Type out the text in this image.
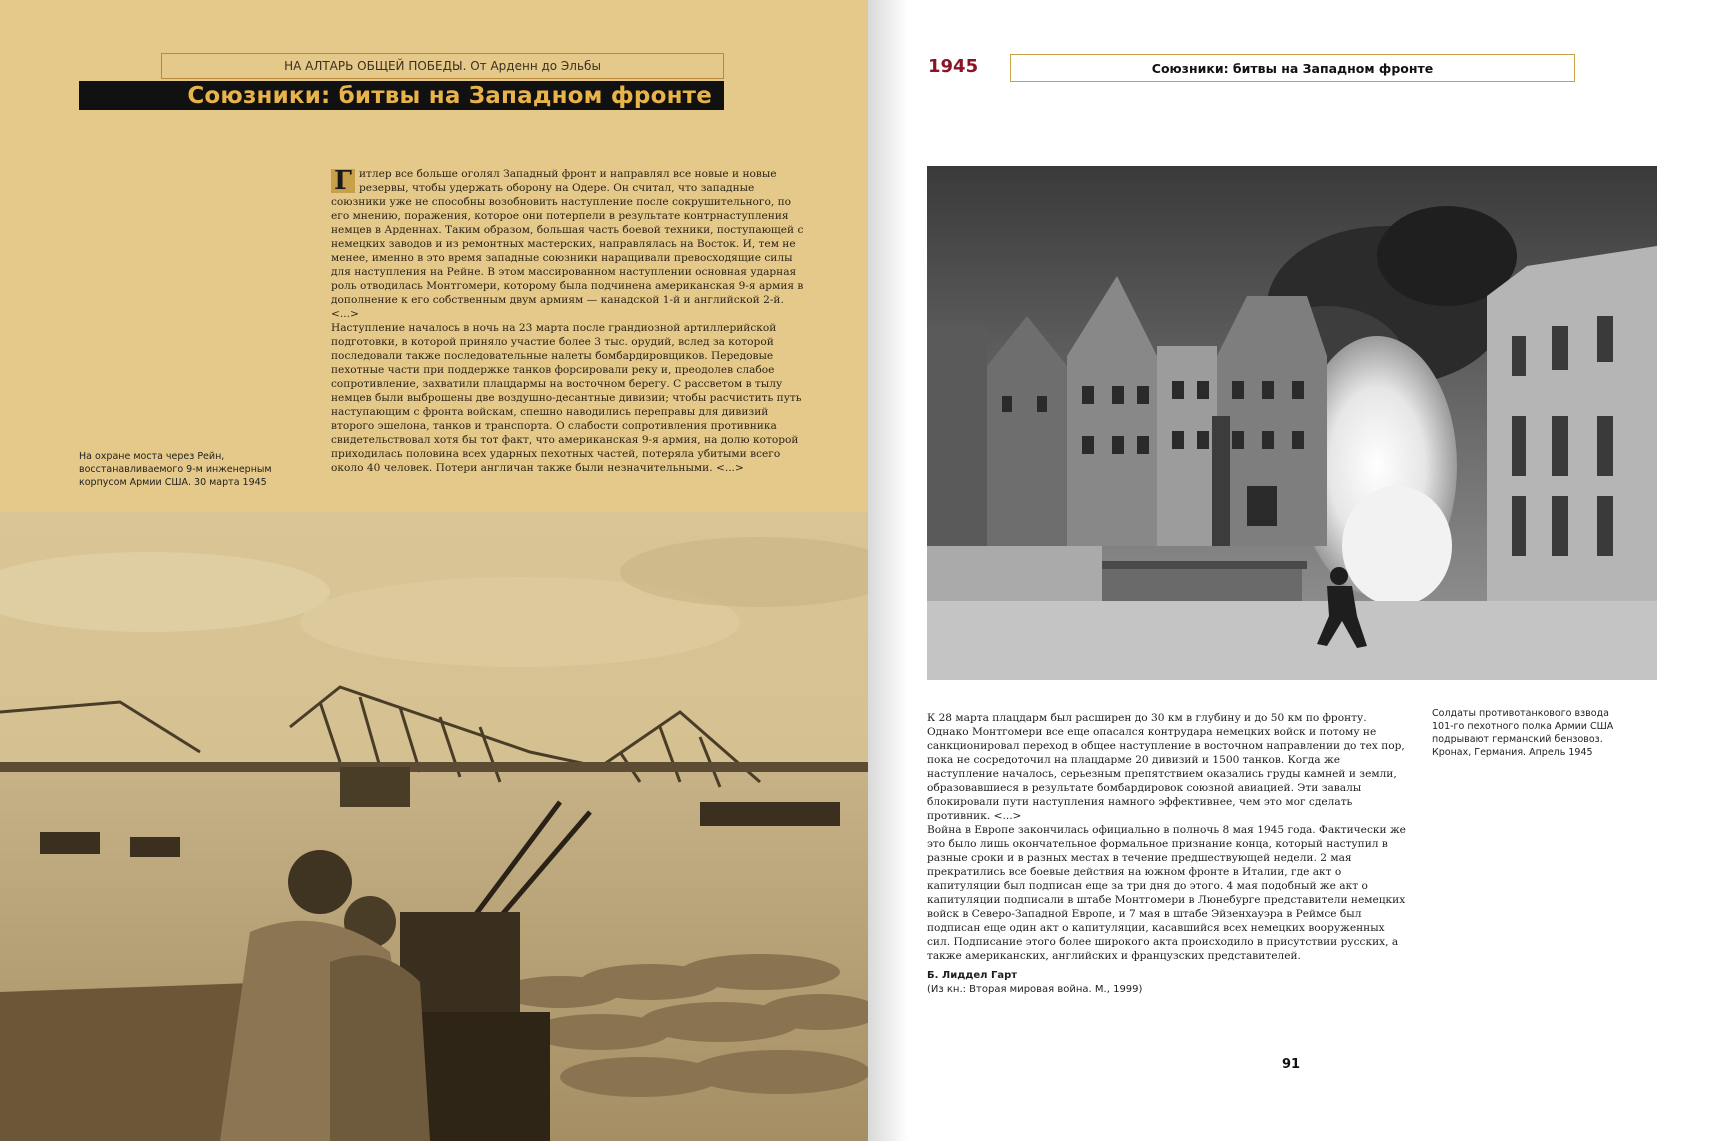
НА АЛТАРЬ ОБЩЕЙ ПОБЕДЫ. От Арденн до Эльбы
Союзники: битвы на Западном фронте
На охране моста через Рейн, восстанавливаемого 9-м инженерным корпусом Армии США. 30 марта 1945

Г итлер все больше оголял Западный фронт и направлял все новые и новые резервы, чтобы удержать оборону на Одере. Он считал, что западные союзники уже не способны возобновить наступление после сокрушительного, по его мнению, поражения, которое они потерпели в результате контрнаступления немцев в Арденнах. Таким образом, большая часть боевой техники, поступающей с немецких заводов и из ремонтных мастерских, направлялась на Восток. И, тем не менее, именно в это время западные союзники наращивали превосходящие силы для наступления на Рейне. В этом массированном наступлении основная ударная роль отводилась Монтгомери, которому была подчинена американская 9-я армия в дополнение к его собственным двум армиям — канадской 1-й и английской 2-й. <...>

Наступление началось в ночь на 23 марта после грандиозной артиллерийской подготовки, в которой приняло участие более 3 тыс. орудий, вслед за которой последовали также последовательные налеты бомбардировщиков. Передовые пехотные части при поддержке танков форсировали реку и, преодолев слабое сопротивление, захватили плацдармы на восточном берегу. С рассветом в тылу немцев были выброшены две воздушно-десантные дивизии; чтобы расчистить путь наступающим с фронта войскам, спешно наводились переправы для дивизий второго эшелона, танков и транспорта. О слабости сопротивления противника свидетельствовал хотя бы тот факт, что американская 9-я армия, на долю которой приходилась половина всех ударных пехотных частей, потеряла убитыми всего около 40 человек. Потери англичан также были незначительными. <...>

1945	Союзники: битвы на Западном фронте

К 28 марта плацдарм был расширен до 30 км в глубину и до 50 км по фронту. Однако Монтгомери все еще опасался контрудара немецких войск и потому не санкционировал переход в общее наступление в восточном направлении до тех пор, пока не сосредоточил на плацдарме 20 дивизий и 1500 танков. Когда же наступление началось, серьезным препятствием оказались груды камней и земли, образовавшиеся в результате бомбардировок союзной авиацией. Эти завалы блокировали пути наступления намного эффективнее, чем это мог сделать противник. <...>

Война в Европе закончилась официально в полночь 8 мая 1945 года. Фактически же это было лишь окончательное формальное признание конца, который наступил в разные сроки и в разных местах в течение предшествующей недели. 2 мая прекратились все боевые действия на южном фронте в Италии, где акт о капитуляции был подписан еще за три дня до этого. 4 мая подобный же акт о капитуляции подписали в штабе Монтгомери в Люнебурге представители немецких войск в Северо-Западной Европе, и 7 мая в штабе Эйзенхауэра в Реймсе был подписан еще один акт о капитуляции, касавшийся всех немецких вооруженных сил. Подписание этого более широкого акта происходило в присутствии русских, а также американских, английских и французских представителей.

Б. Лиддел Гарт

(Из кн.: Вторая мировая война. М., 1999)

Солдаты противотанкового взвода 101-го пехотного полка Армии США подрывают германский бензовоз. Кронах, Германия. Апрель 1945
91
